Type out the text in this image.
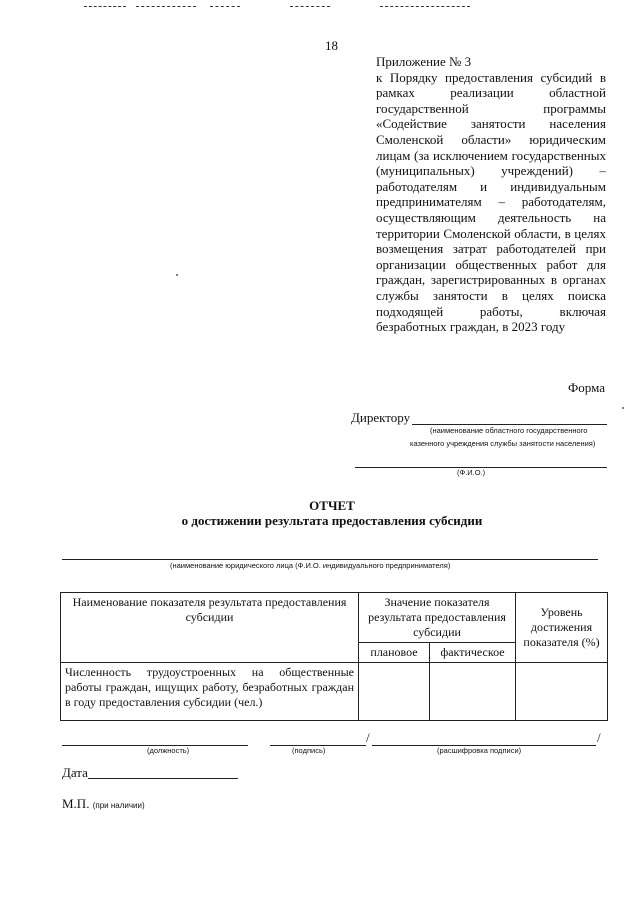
18
Приложение № 3
к Порядку предоставления субсидий в рамках реализации областной государственной программы «Содействие занятости населения Смоленской области» юридическим лицам (за исключением государственных (муниципальных) учреждений) – работодателям и индивидуальным предпринимателям – работодателям, осуществляющим деятельность на территории Смоленской области, в целях возмещения затрат работодателей при организации общественных работ для граждан, зарегистрированных в органах службы занятости в целях поиска подходящей работы, включая безработных граждан, в 2023 году
Форма
Директору
(наименование областного государственного
казенного учреждения службы занятости населения)
(Ф.И.О.)
ОТЧЕТ
о достижении результата предоставления субсидии
(наименование юридического лица (Ф.И.О. индивидуального предпринимателя)
Наименование показателя результата предоставления субсидии	Значение показателя результата предоставления субсидии		Уровень достижения показателя (%)
	плановое	фактическое	
Численность трудоустроенных на общественные работы граждан, ищущих работу, безработных граждан в году предоставления субсидии (чел.)			
(должность)	(подпись)
/
(расшифровка подписи)
/
Дата
М.П. (при наличии)
